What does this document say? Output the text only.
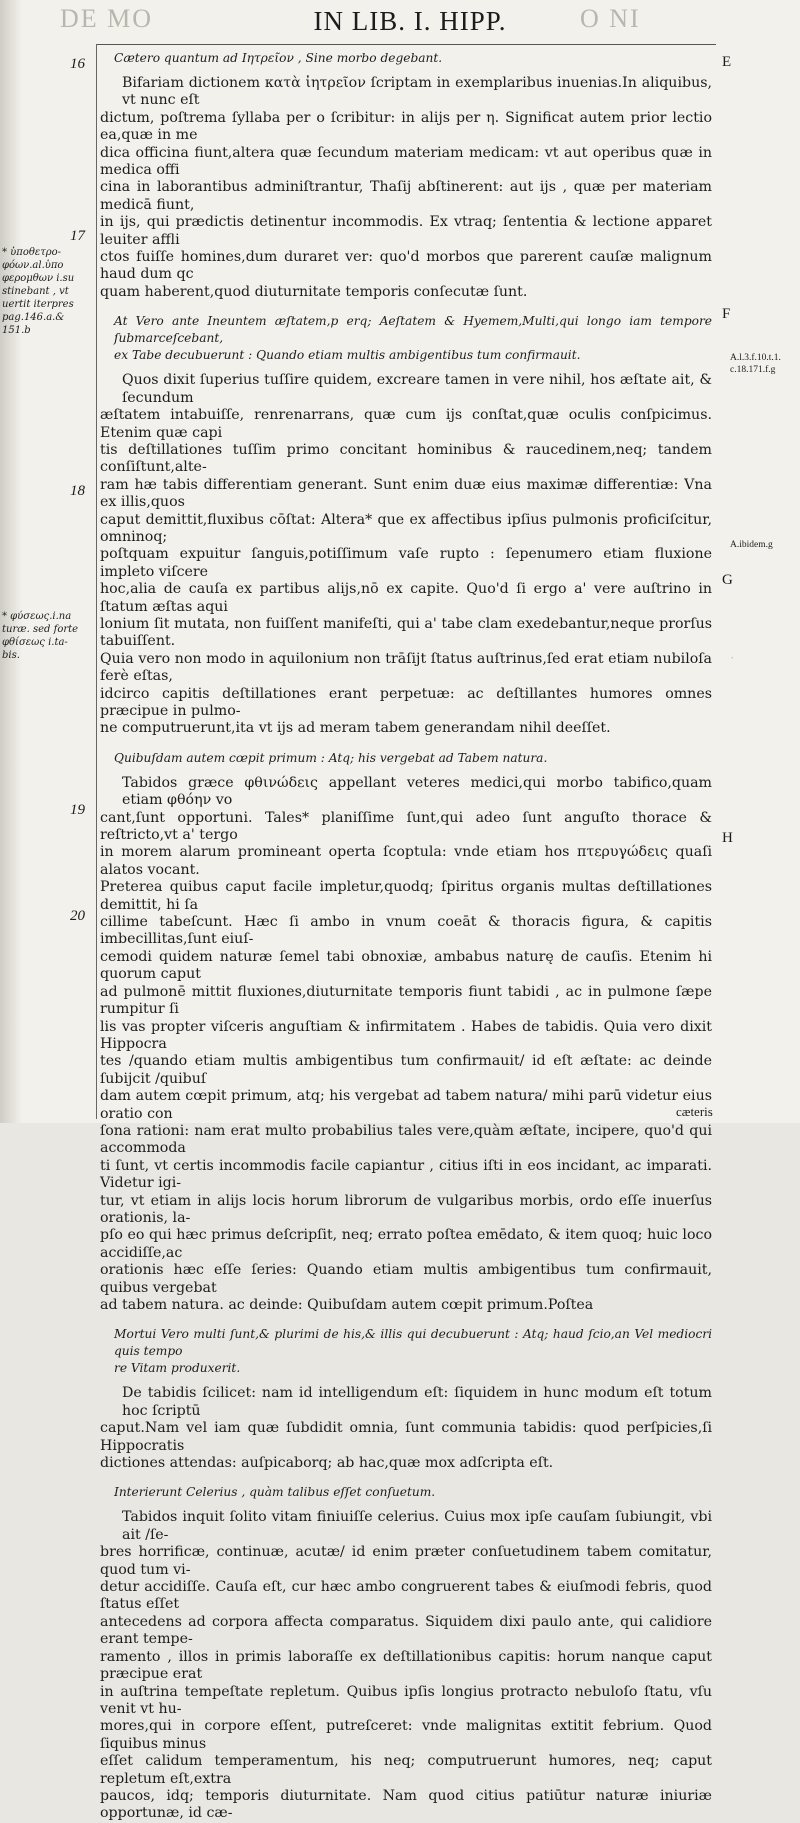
DE MO	O NI
IN LIB. I. HIPP.
16
17
18
19
20
E
F
G
H
* ὑποθετρο-
φόων.al.ὑπο
φερομθων i.su
stinebant , vt
uertit iterpres
pag.146.a.&
151.b
* φύσεως.i.na
turæ. sed forte
φθίσεως i.ta-
bis.
A.l.3.f.10.t.1.
c.18.171.f.g
A.ibidem.g
·
Cætero quantum ad Ιητρεῖον , Sine morbo degebant.
Bifariam dictionem κατὰ ἰητρεῖον ſcriptam in exemplaribus inuenias.In aliquibus, vt nunc eſt
dictum, poſtrema ſyllaba per ο ſcribitur: in alijs per η. Significat autem prior lectio ea,quæ in me
dica officina fiunt,altera quæ ſecundum materiam medicam: vt aut operibus quæ in medica offi
cina in laborantibus adminiſtrantur, Thaſij abſtinerent: aut ijs , quæ per materiam medicā fiunt,
in ijs, qui prædictis detinentur incommodis. Ex vtraq; ſententia & lectione apparet leuiter affli
ctos fuiſſe homines,dum duraret ver: quo'd morbos que parerent cauſæ malignum haud dum qc
quam haberent,quod diuturnitate temporis conſecutæ ſunt.
At Vero ante Ineuntem æſtatem,p erq; Aeſtatem & Hyemem,Multi,qui longo iam tempore ſubmarceſcebant,
ex Tabe decubuerunt : Quando etiam multis ambigentibus tum confirmauit.
Quos dixit ſuperius tuſſire quidem, excreare tamen in vere nihil, hos æſtate ait, & ſecundum
æſtatem intabuiſſe, renrenarrans, quæ cum ijs conſtat,quæ oculis conſpicimus. Etenim quæ capi
tis deſtillationes tuſſim primo concitant hominibus & raucedinem,neq; tandem conſiſtunt,alte-
ram hæ tabis differentiam generant. Sunt enim duæ eius maximæ differentiæ: Vna ex illis,quos
caput demittit,fluxibus cōſtat: Altera* que ex affectibus ipſius pulmonis proficiſcitur, omninoq;
poſtquam expuitur ſanguis,potiſſimum vaſe rupto : ſepenumero etiam fluxione impleto viſcere
hoc,alia de cauſa ex partibus alijs,nō ex capite. Quo'd ſi ergo a' vere auſtrino in ſtatum æſtas aqui
lonium ſit mutata, non fuiſſent manifeſti, qui a' tabe clam exedebantur,neque prorſus tabuiſſent.
Quia vero non modo in aquilonium non trāſijt ſtatus auſtrinus,ſed erat etiam nubiloſa ferè eſtas,
idcirco capitis deſtillationes erant perpetuæ: ac deſtillantes humores omnes præcipue in pulmo-
ne computruerunt,ita vt ijs ad meram tabem generandam nihil deeſſet.
Quibuſdam autem cœpit primum : Atq; his vergebat ad Tabem natura.
Tabidos græce φθινώδεις appellant veteres medici,qui morbo tabifico,quam etiam φθόην vo
cant,ſunt opportuni. Tales* planiſſime ſunt,qui adeo ſunt anguſto thorace & reſtricto,vt a' tergo
in morem alarum promineant operta ſcoptula: vnde etiam hos πτερυγώδεις quaſi alatos vocant.
Preterea quibus caput facile impletur,quodq; ſpiritus organis multas deſtillationes demittit, hi ſa
cillime tabeſcunt. Hæc ſi ambo in vnum coeāt & thoracis figura, & capitis imbecillitas,ſunt eiuſ-
cemodi quidem naturæ ſemel tabi obnoxiæ, ambabus naturę de cauſis. Etenim hi quorum caput
ad pulmonē mittit fluxiones,diuturnitate temporis fiunt tabidi , ac in pulmone ſæpe rumpitur ſi
lis vas propter viſceris anguſtiam & infirmitatem . Habes de tabidis. Quia vero dixit Hippocra
tes /quando etiam multis ambigentibus tum confirmauit/ id eſt æſtate: ac deinde ſubijcit /quibuſ
dam autem cœpit primum, atq; his vergebat ad tabem natura/ mihi parū videtur eius oratio con
ſona rationi: nam erat multo probabilius tales vere,quàm æſtate, incipere, quo'd qui accommoda
ti ſunt, vt certis incommodis facile capiantur , citius iſti in eos incidant, ac imparati. Videtur igi-
tur, vt etiam in alijs locis horum librorum de vulgaribus morbis, ordo eſſe inuerſus orationis, la-
pſo eo qui hæc primus deſcripſit, neq; errato poſtea emēdato, & item quoq; huic loco accidiſſe,ac
orationis hæc eſſe ſeries: Quando etiam multis ambigentibus tum confirmauit, quibus vergebat
ad tabem natura. ac deinde: Quibuſdam autem cœpit primum.Poſtea
Mortui Vero multi ſunt,& plurimi de his,& illis qui decubuerunt : Atq; haud ſcio,an Vel mediocri quis tempo
re Vitam produxerit.
De tabidis ſcilicet: nam id intelligendum eſt: ſiquidem in hunc modum eſt totum hoc ſcriptū
caput.Nam vel iam quæ ſubdidit omnia, ſunt communia tabidis: quod perſpicies,ſi Hippocratis
dictiones attendas: auſpicaborq; ab hac,quæ mox adſcripta eſt.
Interierunt Celerius , quàm talibus eſſet conſuetum.
Tabidos inquit ſolito vitam finiuiſſe celerius. Cuius mox ipſe cauſam ſubiungit, vbi ait /ſe-
bres horrificæ, continuæ, acutæ/ id enim præter conſuetudinem tabem comitatur, quod tum vi-
detur accidiſſe. Cauſa eſt, cur hæc ambo congruerent tabes & eiuſmodi febris, quod ſtatus eſſet
antecedens ad corpora affecta comparatus. Siquidem dixi paulo ante, qui calidiore erant tempe-
ramento , illos in primis laboraſſe ex deſtillationibus capitis: horum nanque caput præcipue erat
in auſtrina tempeſtate repletum. Quibus ipſis longius protracto nebuloſo ſtatu, vſu venit vt hu-
mores,qui in corpore eſſent, putreſceret: vnde malignitas extitit febrium. Quod ſiquibus minus
eſſet calidum temperamentum, his neq; computruerunt humores, neq; caput repletum eſt,extra
paucos, idq; temporis diuturnitate. Nam quod citius patiūtur naturæ iniuriæ opportunæ, id cæ-
cæteris
